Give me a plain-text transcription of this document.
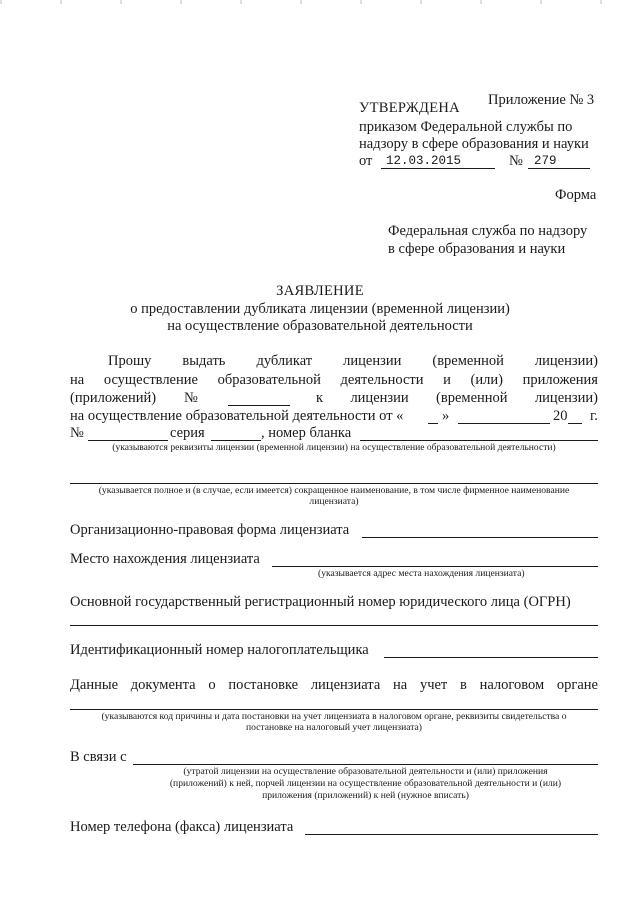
Приложение № 3
УТВЕРЖДЕНА
приказом Федеральной службы по
надзору в сфере образования и науки
от 12.03.2015	№ 279
Форма
Федеральная служба по надзору
в сфере образования и науки
ЗАЯВЛЕНИЕ
о предоставлении дубликата лицензии (временной лицензии)
на осуществление образовательной деятельности
Прошу выдать дубликат лицензии (временной лицензии)
на осуществление образовательной деятельности и (или) приложения
(приложений) №	к лицензии (временной лицензии)
на осуществление образовательной деятельности от «	»	20 г.
№	серия	, номер бланка
(указываются реквизиты лицензии (временной лицензии) на осуществление образовательной деятельности)
(указывается полное и (в случае, если имеется) сокращенное наименование, в том числе фирменное наименование
лицензиата)
Организационно-правовая форма лицензиата
Место нахождения лицензиата
(указывается адрес места нахождения лицензиата)
Основной государственный регистрационный номер юридического лица (ОГРН)
Идентификационный номер налогоплательщика
Данные документа о постановке лицензиата на учет в налоговом органе
(указываются код причины и дата постановки на учет лицензиата в налоговом органе, реквизиты свидетельства о
постановке на налоговый учет лицензиата)
В связи с
(утратой лицензии на осуществление образовательной деятельности и (или) приложения
(приложений) к ней, порчей лицензии на осуществление образовательной деятельности и (или)
приложения (приложений) к ней (нужное вписать)
Номер телефона (факса) лицензиата
